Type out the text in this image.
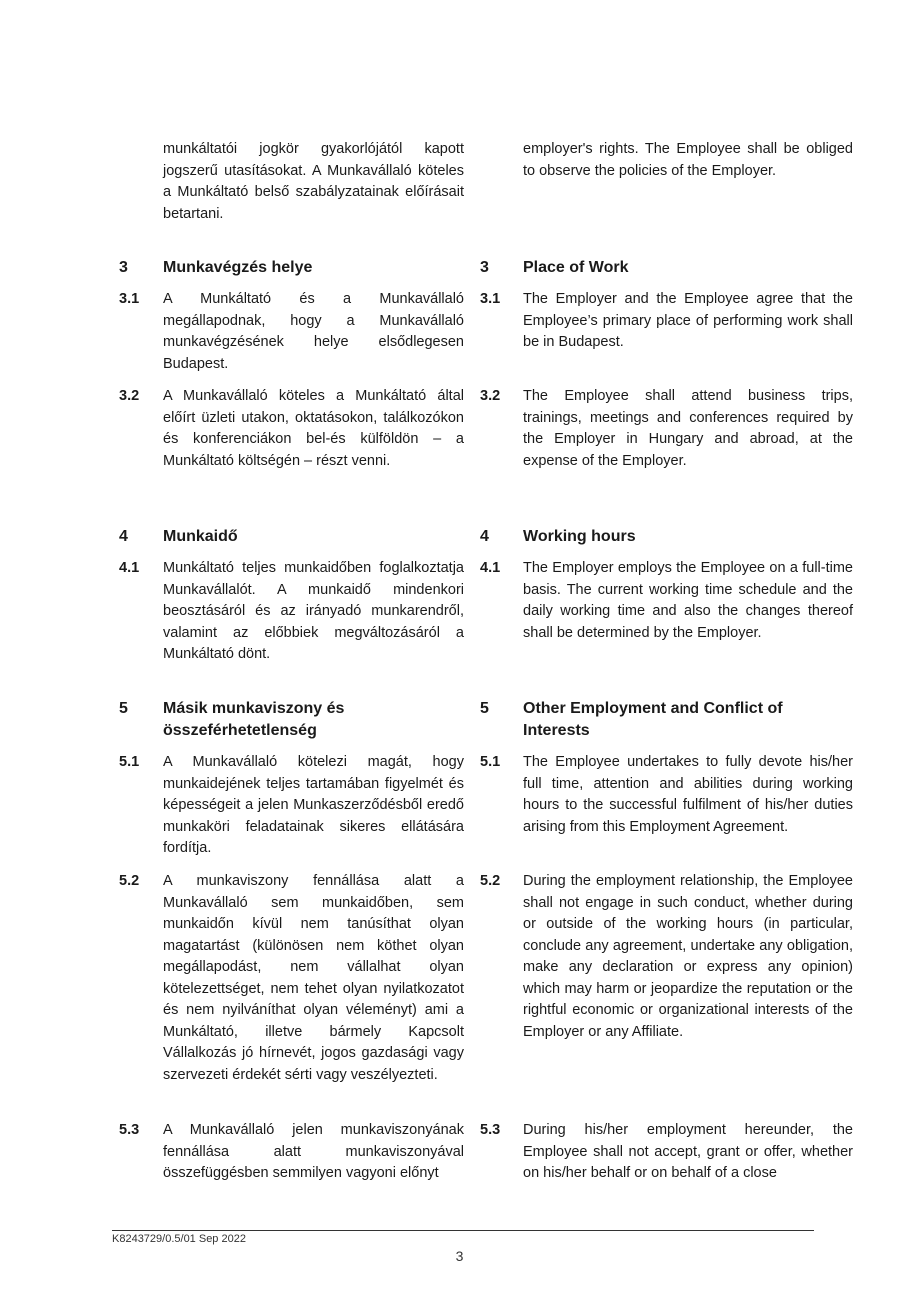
munkáltatói jogkör gyakorlójától kapott jogszerű utasításokat. A Munkavállaló köteles a Munkáltató belső szabályzatainak előírásait betartani.
employer's rights. The Employee shall be obliged to observe the policies of the Employer.
3 Munkavégzés helye	3 Place of Work
3.1 A Munkáltató és a Munkavállaló megállapodnak, hogy a Munkavállaló munkavégzésének helye elsődlegesen Budapest.
3.1 The Employer and the Employee agree that the Employee’s primary place of performing work shall be in Budapest.
3.2 A Munkavállaló köteles a Munkáltató által előírt üzleti utakon, oktatásokon, találkozókon és konferenciákon bel-és külföldön – a Munkáltató költségén – részt venni.
3.2 The Employee shall attend business trips, trainings, meetings and conferences required by the Employer in Hungary and abroad, at the expense of the Employer.
4 Munkaidő	4 Working hours
4.1 Munkáltató teljes munkaidőben foglalkoztatja Munkavállalót. A munkaidő mindenkori beosztásáról és az irányadó munkarendről, valamint az előbbiek megváltozásáról a Munkáltató dönt.
4.1 The Employer employs the Employee on a full-time basis. The current working time schedule and the daily working time and also the changes thereof shall be determined by the Employer.
5 Másik munkaviszony és összeférhetetlenség
5 Other Employment and Conflict of Interests
5.1 A Munkavállaló kötelezi magát, hogy munkaidejének teljes tartamában figyelmét és képességeit a jelen Munkaszerződésből eredő munkaköri feladatainak sikeres ellátására fordítja.
5.1 The Employee undertakes to fully devote his/her full time, attention and abilities during working hours to the successful fulfilment of his/her duties arising from this Employment Agreement.
5.2 A munkaviszony fennállása alatt a Munkavállaló sem munkaidőben, sem munkaidőn kívül nem tanúsíthat olyan magatartást (különösen nem köthet olyan megállapodást, nem vállalhat olyan kötelezettséget, nem tehet olyan nyilatkozatot és nem nyilváníthat olyan véleményt) ami a Munkáltató, illetve bármely Kapcsolt Vállalkozás jó hírnevét, jogos gazdasági vagy szervezeti érdekét sérti vagy veszélyezteti.
5.2 During the employment relationship, the Employee shall not engage in such conduct, whether during or outside of the working hours (in particular, conclude any agreement, undertake any obligation, make any declaration or express any opinion) which may harm or jeopardize the reputation or the rightful economic or organizational interests of the Employer or any Affiliate.
5.3 A Munkavállaló jelen munkaviszonyának fennállása alatt munkaviszonyával összefüggésben semmilyen vagyoni előnyt
5.3 During his/her employment hereunder, the Employee shall not accept, grant or offer, whether on his/her behalf or on behalf of a close
K8243729/0.5/01 Sep 2022
3
